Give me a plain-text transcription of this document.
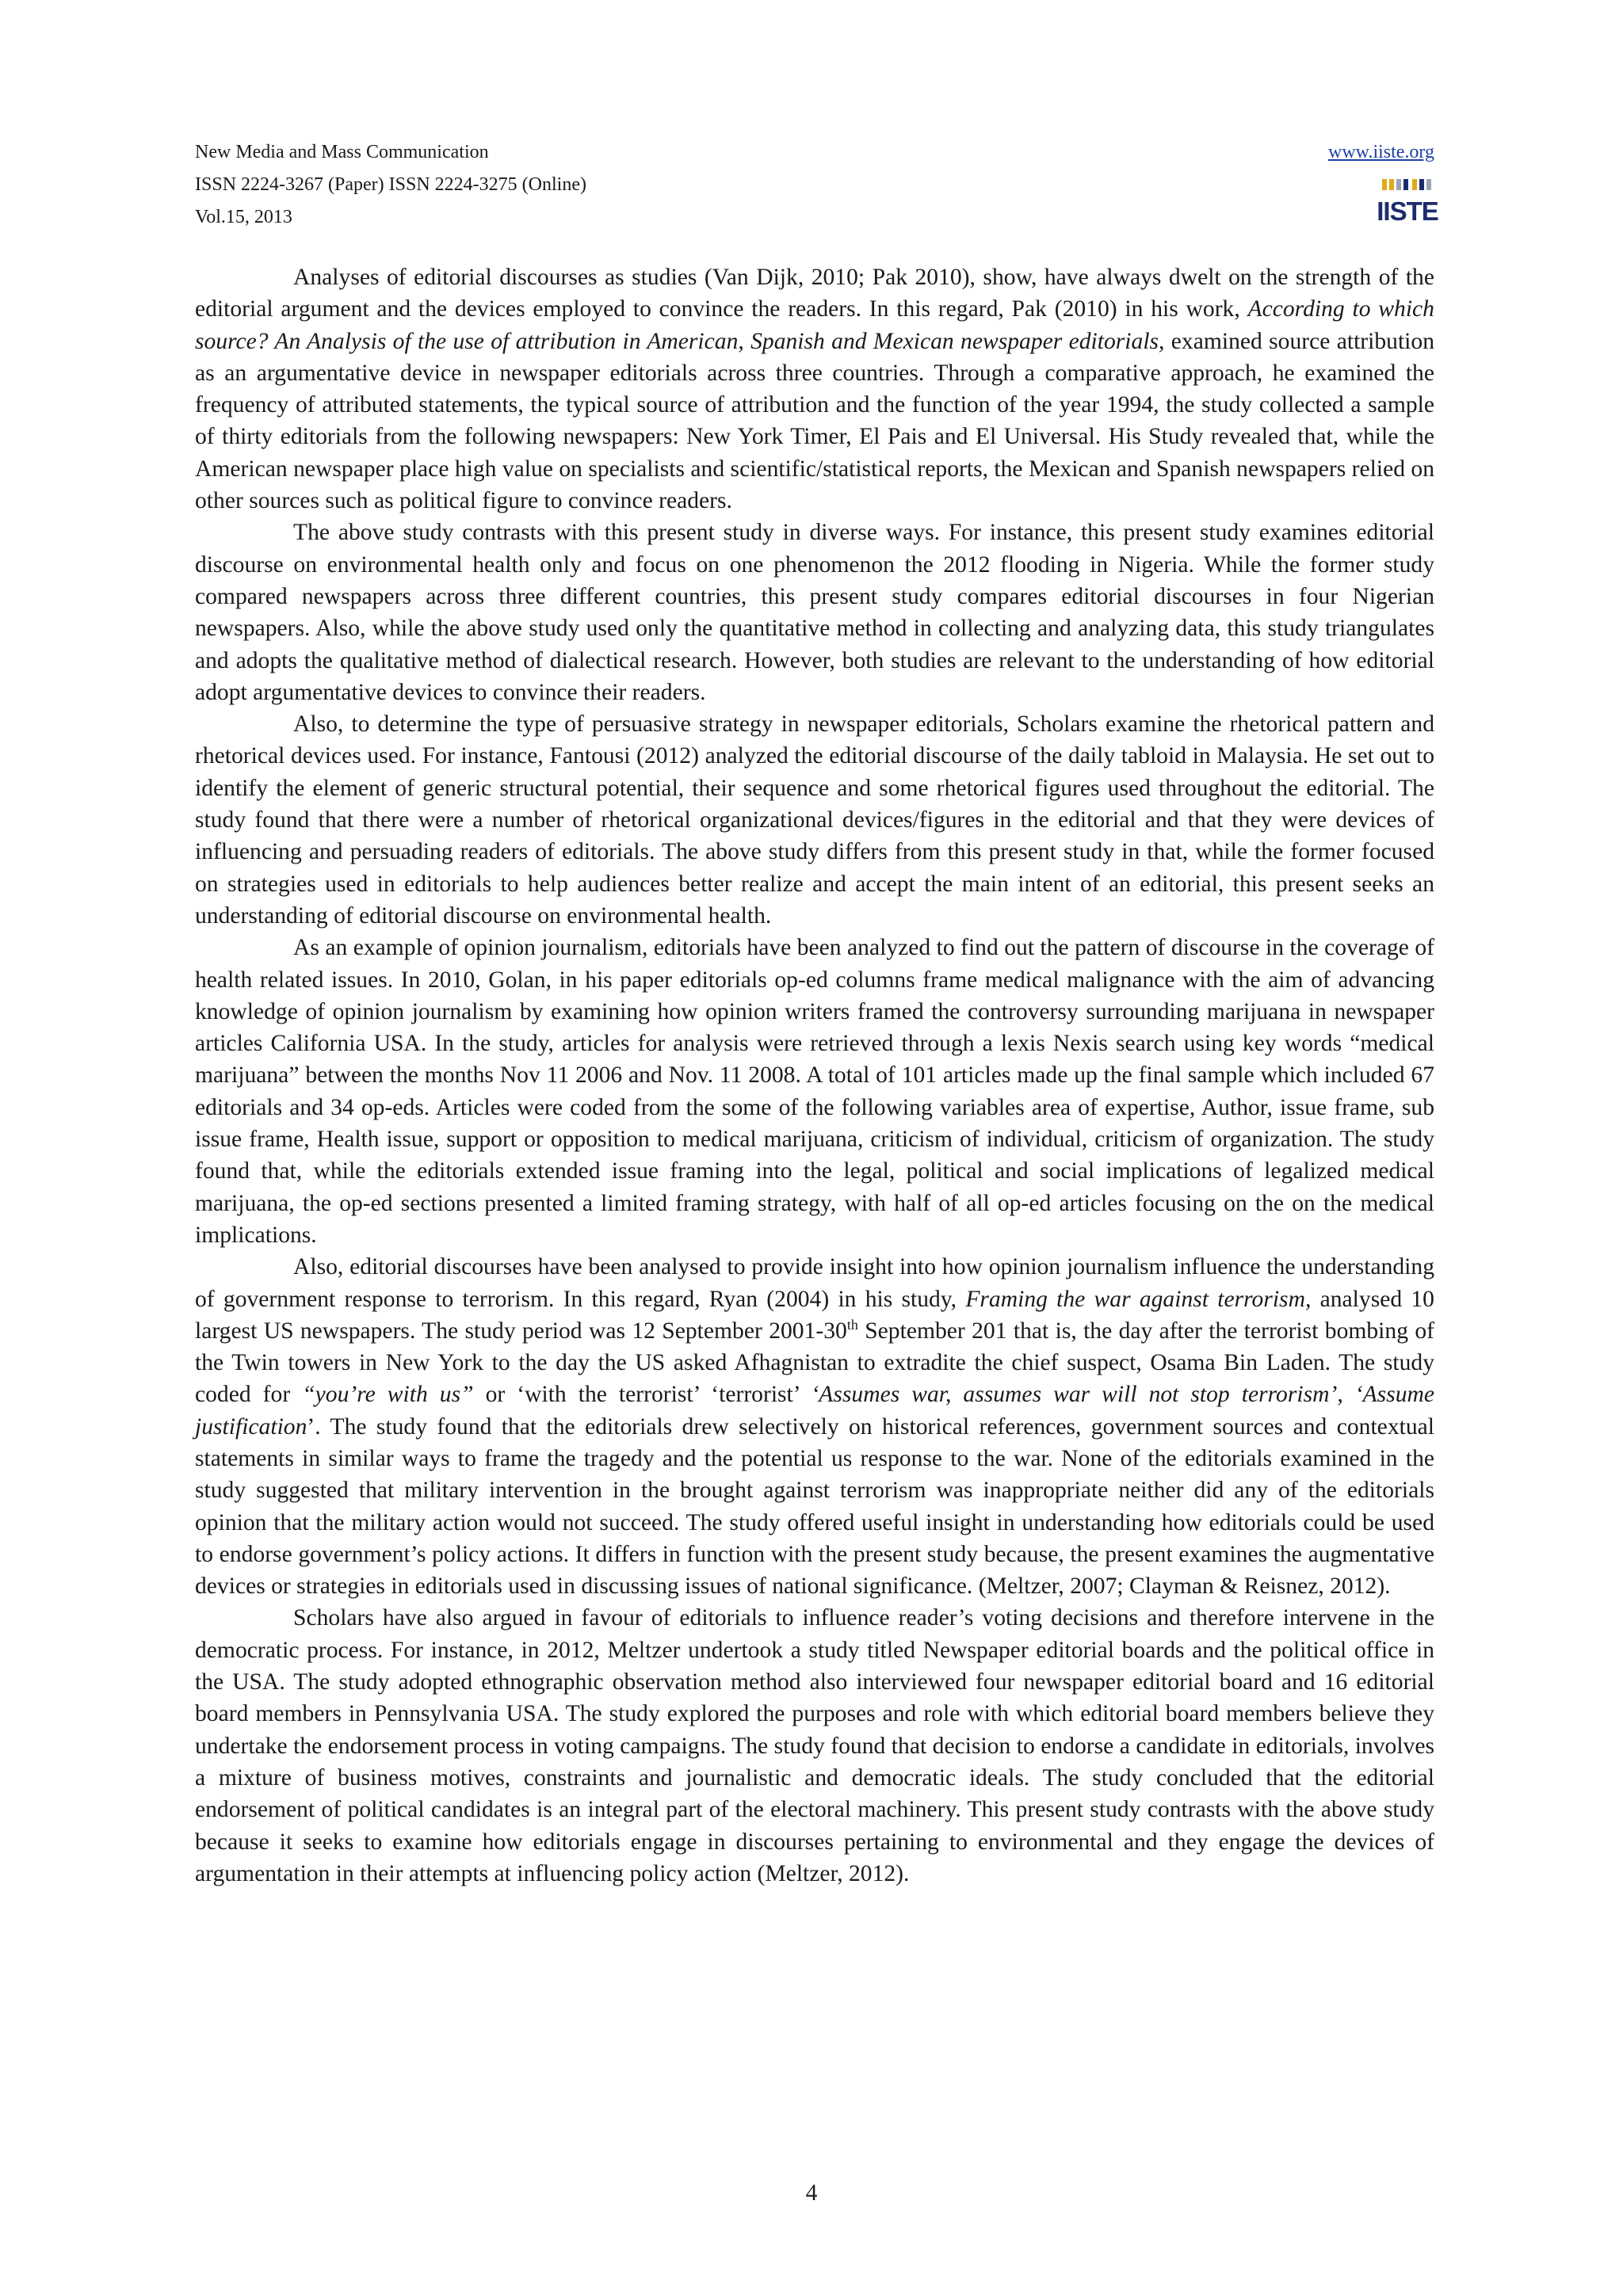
New Media and Mass Communication
ISSN 2224-3267 (Paper) ISSN 2224-3275 (Online)
Vol.15, 2013
www.iiste.org
IISTE

Analyses of editorial discourses as studies (Van Dijk, 2010; Pak 2010), show, have always dwelt on the strength of the editorial argument and the devices employed to convince the readers. In this regard, Pak (2010) in his work, According to which source? An Analysis of the use of attribution in American, Spanish and Mexican newspaper editorials, examined source attribution as an argumentative device in newspaper editorials across three countries. Through a comparative approach, he examined the frequency of attributed statements, the typical source of attribution and the function of the year 1994, the study collected a sample of thirty editorials from the following newspapers: New York Timer, El Pais and El Universal. His Study revealed that, while the American newspaper place high value on specialists and scientific/statistical reports, the Mexican and Spanish newspapers relied on other sources such as political figure to convince readers.

The above study contrasts with this present study in diverse ways. For instance, this present study examines editorial discourse on environmental health only and focus on one phenomenon the 2012 flooding in Nigeria. While the former study compared newspapers across three different countries, this present study compares editorial discourses in four Nigerian newspapers. Also, while the above study used only the quantitative method in collecting and analyzing data, this study triangulates and adopts the qualitative method of dialectical research. However, both studies are relevant to the understanding of how editorial adopt argumentative devices to convince their readers.

Also, to determine the type of persuasive strategy in newspaper editorials, Scholars examine the rhetorical pattern and rhetorical devices used. For instance, Fantousi (2012) analyzed the editorial discourse of the daily tabloid in Malaysia. He set out to identify the element of generic structural potential, their sequence and some rhetorical figures used throughout the editorial. The study found that there were a number of rhetorical organizational devices/figures in the editorial and that they were devices of influencing and persuading readers of editorials. The above study differs from this present study in that, while the former focused on strategies used in editorials to help audiences better realize and accept the main intent of an editorial, this present seeks an understanding of editorial discourse on environmental health.

As an example of opinion journalism, editorials have been analyzed to find out the pattern of discourse in the coverage of health related issues. In 2010, Golan, in his paper editorials op-ed columns frame medical malignance with the aim of advancing knowledge of opinion journalism by examining how opinion writers framed the controversy surrounding marijuana in newspaper articles California USA. In the study, articles for analysis were retrieved through a lexis Nexis search using key words “medical marijuana” between the months Nov 11 2006 and Nov. 11 2008. A total of 101 articles made up the final sample which included 67 editorials and 34 op-eds. Articles were coded from the some of the following variables area of expertise, Author, issue frame, sub issue frame, Health issue, support or opposition to medical marijuana, criticism of individual, criticism of organization. The study found that, while the editorials extended issue framing into the legal, political and social implications of legalized medical marijuana, the op-ed sections presented a limited framing strategy, with half of all op-ed articles focusing on the on the medical implications.

Also, editorial discourses have been analysed to provide insight into how opinion journalism influence the understanding of government response to terrorism. In this regard, Ryan (2004) in his study, Framing the war against terrorism, analysed 10 largest US newspapers. The study period was 12 September 2001-30th September 201 that is, the day after the terrorist bombing of the Twin towers in New York to the day the US asked Afhagnistan to extradite the chief suspect, Osama Bin Laden. The study coded for “you’re with us” or ‘with the terrorist’ ‘terrorist’ ‘Assumes war, assumes war will not stop terrorism’, ‘Assume justification’. The study found that the editorials drew selectively on historical references, government sources and contextual statements in similar ways to frame the tragedy and the potential us response to the war. None of the editorials examined in the study suggested that military intervention in the brought against terrorism was inappropriate neither did any of the editorials opinion that the military action would not succeed. The study offered useful insight in understanding how editorials could be used to endorse government’s policy actions. It differs in function with the present study because, the present examines the augmentative devices or strategies in editorials used in discussing issues of national significance. (Meltzer, 2007; Clayman & Reisnez, 2012).

Scholars have also argued in favour of editorials to influence reader’s voting decisions and therefore intervene in the democratic process. For instance, in 2012, Meltzer undertook a study titled Newspaper editorial boards and the political office in the USA. The study adopted ethnographic observation method also interviewed four newspaper editorial board and 16 editorial board members in Pennsylvania USA. The study explored the purposes and role with which editorial board members believe they undertake the endorsement process in voting campaigns. The study found that decision to endorse a candidate in editorials, involves a mixture of business motives, constraints and journalistic and democratic ideals. The study concluded that the editorial endorsement of political candidates is an integral part of the electoral machinery. This present study contrasts with the above study because it seeks to examine how editorials engage in discourses pertaining to environmental and they engage the devices of argumentation in their attempts at influencing policy action (Meltzer, 2012).

4
